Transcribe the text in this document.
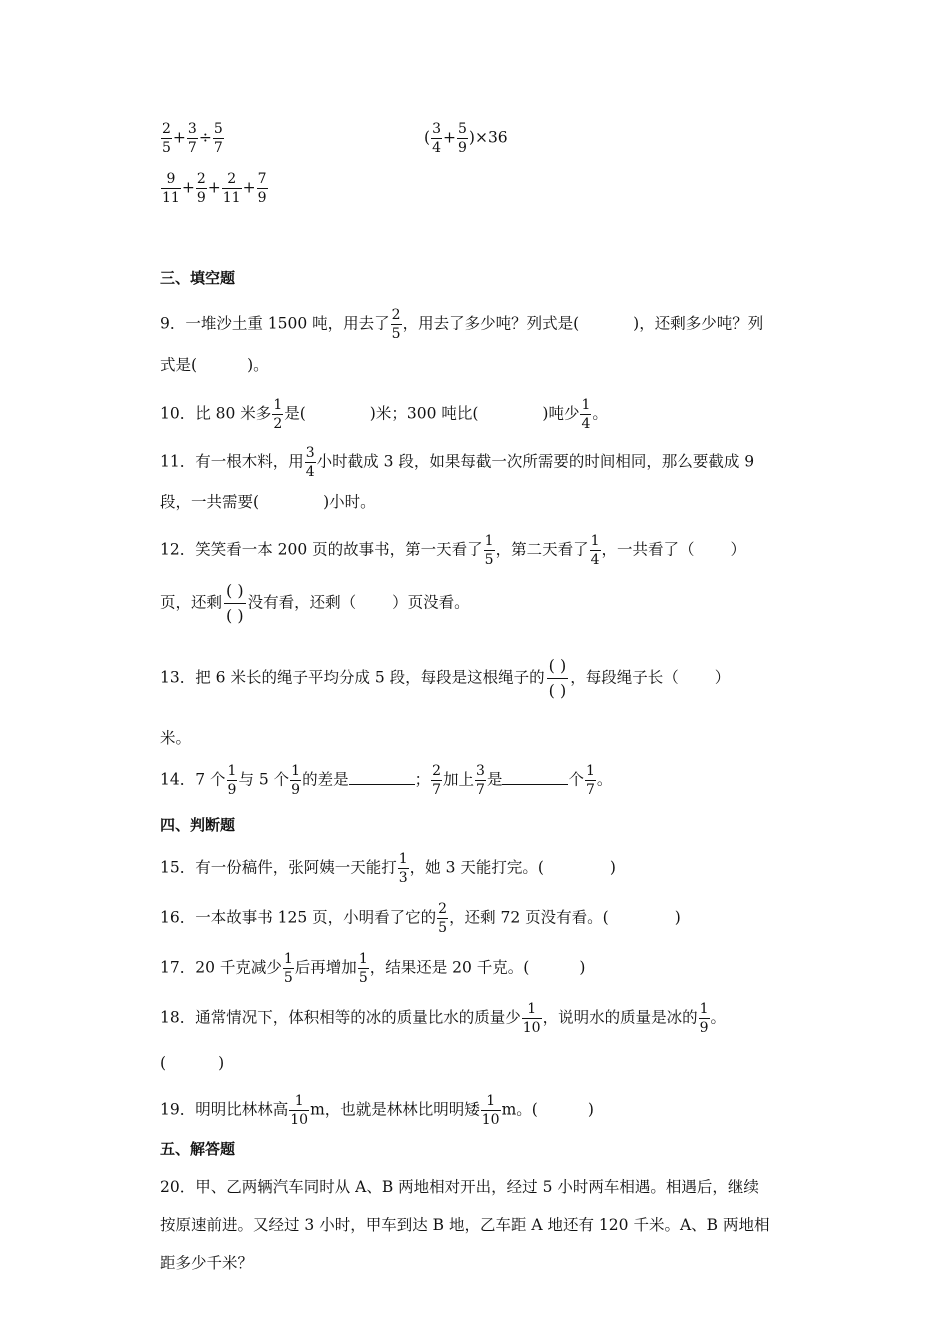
$\frac{2}{5} + \frac{3}{7} \div \frac{5}{7}$	( $\frac{3}{4} + \frac{5}{9} )\times 36$
$\frac{9}{11} + \frac{2}{9} + \frac{2}{11} + \frac{7}{9}$
三、填空题
9．一堆沙土重 1500 吨，用去了 $\frac{2}{5}$ ，用去了多少吨？列式是(	)，还剩多少吨？列
式是(	)。
10．比 80 米多 $\frac{1}{2}$ 是(	)米；300 吨比(	)吨少 $\frac{1}{4}$ 。
11．有一根木料，用 $\frac{3}{4}$ 小时截成 3 段，如果每截一次所需要的时间相同，那么要截成 9
段，一共需要(	)小时。
12．笑笑看一本 200 页的故事书，第一天看了 $\frac{1}{5}$ ，第二天看了 $\frac{1}{4}$ ，一共看了（ ）
页，还剩
( )
( )
没有看，还剩（ ）页没看。
13．把 6 米长的绳子平均分成 5 段，每段是这根绳子的
( )
( )
，每段绳子长（ ）
米。
14．7 个 $\frac{1}{9}$ 与 5 个 $\frac{1}{9}$ 的差是	； $\frac{2}{7}$ 加上 $\frac{3}{7}$ 是	个 $\frac{1}{7}$ 。
四、判断题
15．有一份稿件，张阿姨一天能打 $\frac{1}{3}$ ，她 3 天能打完。(	)
16．一本故事书 125 页，小明看了它的 $\frac{2}{5}$ ，还剩 72 页没有看。(	)
17．20 千克减少 $\frac{1}{5}$ 后再增加 $\frac{1}{5}$ ，结果还是 20 千克。(	)
18．通常情况下，体积相等的冰的质量比水的质量少 $\frac{1}{10}$ ，说明水的质量是冰的 $\frac{1}{9}$ 。
(	)
19．明明比林林高 $\frac{1}{10}$ m，也就是林林比明明矮 $\frac{1}{10}$ m。(	)
五、解答题
20．甲、乙两辆汽车同时从 A、B 两地相对开出，经过 5 小时两车相遇。相遇后，继续
按原速前进。又经过 3 小时，甲车到达 B 地，乙车距 A 地还有 120 千米。A、B 两地相
距多少千米？
